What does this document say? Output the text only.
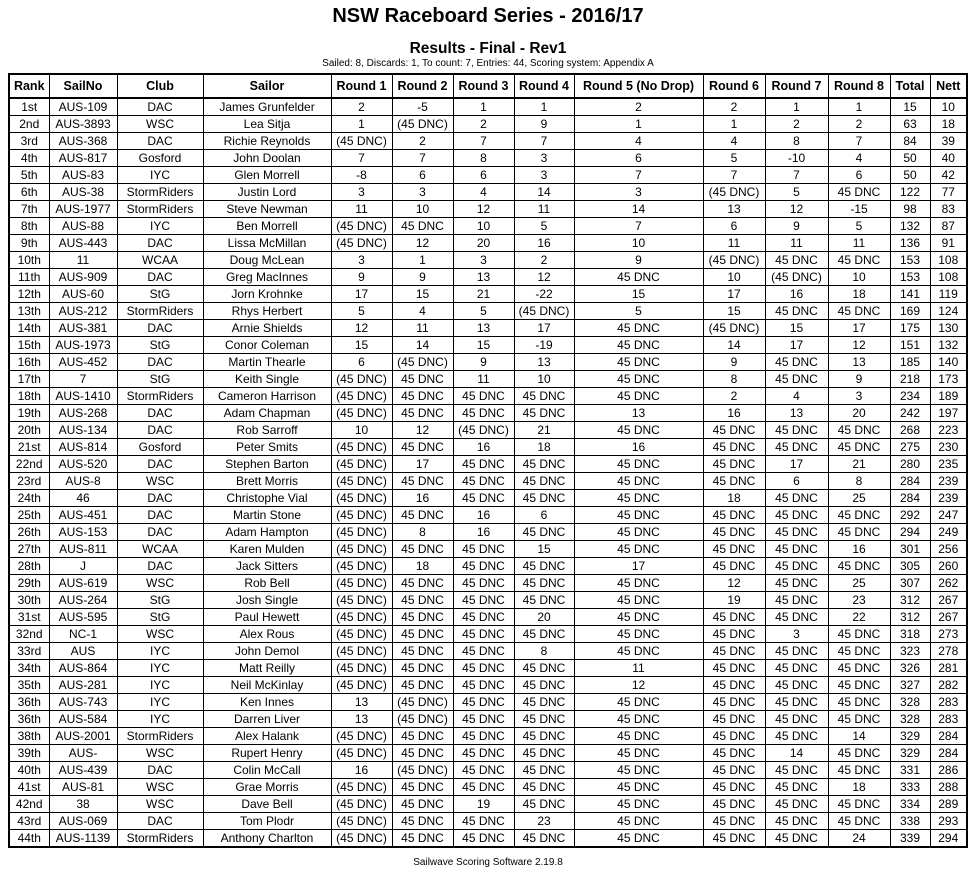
NSW Raceboard Series - 2016/17
Results - Final - Rev1
Sailed: 8, Discards: 1, To count: 7, Entries: 44, Scoring system: Appendix A
Rank	SailNo	Club	Sailor	Round 1	Round 2	Round 3	Round 4	Round 5 (No Drop)	Round 6	Round 7	Round 8	Total	Nett
1st	AUS-109	DAC	James Grunfelder	2	-5	1	1	2	2	1	1	15	10
2nd	AUS-3893	WSC	Lea Sitja	1	(45 DNC)	2	9	1	1	2	2	63	18
3rd	AUS-368	DAC	Richie Reynolds	(45 DNC)	2	7	7	4	4	8	7	84	39
4th	AUS-817	Gosford	John Doolan	7	7	8	3	6	5	-10	4	50	40
5th	AUS-83	IYC	Glen Morrell	-8	6	6	3	7	7	7	6	50	42
6th	AUS-38	StormRiders	Justin Lord	3	3	4	14	3	(45 DNC)	5	45 DNC	122	77
7th	AUS-1977	StormRiders	Steve Newman	11	10	12	11	14	13	12	-15	98	83
8th	AUS-88	IYC	Ben Morrell	(45 DNC)	45 DNC	10	5	7	6	9	5	132	87
9th	AUS-443	DAC	Lissa McMillan	(45 DNC)	12	20	16	10	11	11	11	136	91
10th	11	WCAA	Doug McLean	3	1	3	2	9	(45 DNC)	45 DNC	45 DNC	153	108
11th	AUS-909	DAC	Greg MacInnes	9	9	13	12	45 DNC	10	(45 DNC)	10	153	108
12th	AUS-60	StG	Jorn Krohnke	17	15	21	-22	15	17	16	18	141	119
13th	AUS-212	StormRiders	Rhys Herbert	5	4	5	(45 DNC)	5	15	45 DNC	45 DNC	169	124
14th	AUS-381	DAC	Arnie Shields	12	11	13	17	45 DNC	(45 DNC)	15	17	175	130
15th	AUS-1973	StG	Conor Coleman	15	14	15	-19	45 DNC	14	17	12	151	132
16th	AUS-452	DAC	Martin Thearle	6	(45 DNC)	9	13	45 DNC	9	45 DNC	13	185	140
17th	7	StG	Keith Single	(45 DNC)	45 DNC	11	10	45 DNC	8	45 DNC	9	218	173
18th	AUS-1410	StormRiders	Cameron Harrison	(45 DNC)	45 DNC	45 DNC	45 DNC	45 DNC	2	4	3	234	189
19th	AUS-268	DAC	Adam Chapman	(45 DNC)	45 DNC	45 DNC	45 DNC	13	16	13	20	242	197
20th	AUS-134	DAC	Rob Sarroff	10	12	(45 DNC)	21	45 DNC	45 DNC	45 DNC	45 DNC	268	223
21st	AUS-814	Gosford	Peter Smits	(45 DNC)	45 DNC	16	18	16	45 DNC	45 DNC	45 DNC	275	230
22nd	AUS-520	DAC	Stephen Barton	(45 DNC)	17	45 DNC	45 DNC	45 DNC	45 DNC	17	21	280	235
23rd	AUS-8	WSC	Brett Morris	(45 DNC)	45 DNC	45 DNC	45 DNC	45 DNC	45 DNC	6	8	284	239
24th	46	DAC	Christophe Vial	(45 DNC)	16	45 DNC	45 DNC	45 DNC	18	45 DNC	25	284	239
25th	AUS-451	DAC	Martin Stone	(45 DNC)	45 DNC	16	6	45 DNC	45 DNC	45 DNC	45 DNC	292	247
26th	AUS-153	DAC	Adam Hampton	(45 DNC)	8	16	45 DNC	45 DNC	45 DNC	45 DNC	45 DNC	294	249
27th	AUS-811	WCAA	Karen Mulden	(45 DNC)	45 DNC	45 DNC	15	45 DNC	45 DNC	45 DNC	16	301	256
28th	J	DAC	Jack Sitters	(45 DNC)	18	45 DNC	45 DNC	17	45 DNC	45 DNC	45 DNC	305	260
29th	AUS-619	WSC	Rob Bell	(45 DNC)	45 DNC	45 DNC	45 DNC	45 DNC	12	45 DNC	25	307	262
30th	AUS-264	StG	Josh Single	(45 DNC)	45 DNC	45 DNC	45 DNC	45 DNC	19	45 DNC	23	312	267
31st	AUS-595	StG	Paul Hewett	(45 DNC)	45 DNC	45 DNC	20	45 DNC	45 DNC	45 DNC	22	312	267
32nd	NC-1	WSC	Alex Rous	(45 DNC)	45 DNC	45 DNC	45 DNC	45 DNC	45 DNC	3	45 DNC	318	273
33rd	AUS	IYC	John Demol	(45 DNC)	45 DNC	45 DNC	8	45 DNC	45 DNC	45 DNC	45 DNC	323	278
34th	AUS-864	IYC	Matt Reilly	(45 DNC)	45 DNC	45 DNC	45 DNC	11	45 DNC	45 DNC	45 DNC	326	281
35th	AUS-281	IYC	Neil McKinlay	(45 DNC)	45 DNC	45 DNC	45 DNC	12	45 DNC	45 DNC	45 DNC	327	282
36th	AUS-743	IYC	Ken Innes	13	(45 DNC)	45 DNC	45 DNC	45 DNC	45 DNC	45 DNC	45 DNC	328	283
36th	AUS-584	IYC	Darren Liver	13	(45 DNC)	45 DNC	45 DNC	45 DNC	45 DNC	45 DNC	45 DNC	328	283
38th	AUS-2001	StormRiders	Alex Halank	(45 DNC)	45 DNC	45 DNC	45 DNC	45 DNC	45 DNC	45 DNC	14	329	284
39th	AUS-	WSC	Rupert Henry	(45 DNC)	45 DNC	45 DNC	45 DNC	45 DNC	45 DNC	14	45 DNC	329	284
40th	AUS-439	DAC	Colin McCall	16	(45 DNC)	45 DNC	45 DNC	45 DNC	45 DNC	45 DNC	45 DNC	331	286
41st	AUS-81	WSC	Grae Morris	(45 DNC)	45 DNC	45 DNC	45 DNC	45 DNC	45 DNC	45 DNC	18	333	288
42nd	38	WSC	Dave Bell	(45 DNC)	45 DNC	19	45 DNC	45 DNC	45 DNC	45 DNC	45 DNC	334	289
43rd	AUS-069	DAC	Tom Plodr	(45 DNC)	45 DNC	45 DNC	23	45 DNC	45 DNC	45 DNC	45 DNC	338	293
44th	AUS-1139	StormRiders	Anthony Charlton	(45 DNC)	45 DNC	45 DNC	45 DNC	45 DNC	45 DNC	45 DNC	24	339	294
Sailwave Scoring Software 2.19.8
